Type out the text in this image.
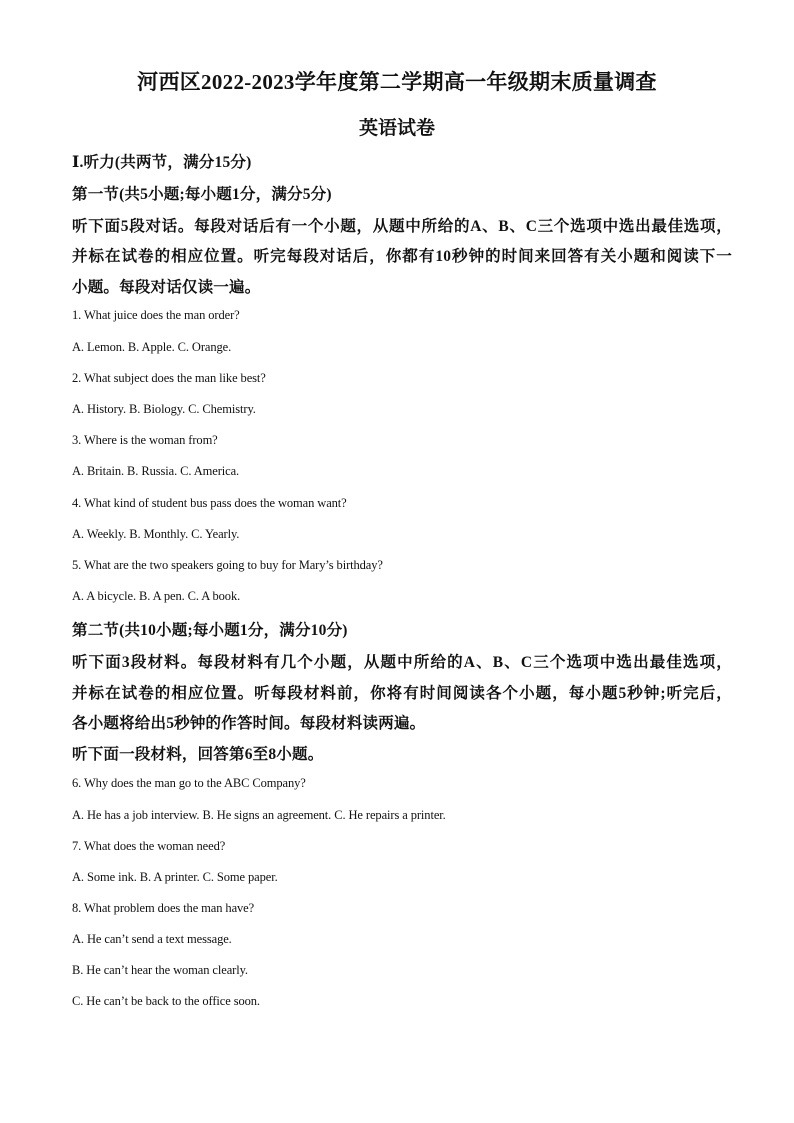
河西区2022-2023学年度第二学期高一年级期末质量调查
英语试卷
Ⅰ.听力(共两节，满分15分)
第一节(共5小题;每小题1分，满分5分)
听下面5段对话。每段对话后有一个小题，从题中所给的A、B、C三个选项中选出最佳选项，
并标在试卷的相应位置。听完每段对话后，你都有10秒钟的时间来回答有关小题和阅读下一
小题。每段对话仅读一遍。
1. What juice does the man order?
A. Lemon. B. Apple. C. Orange.
2. What subject does the man like best?
A. History. B. Biology. C. Chemistry.
3. Where is the woman from?
A. Britain. B. Russia. C. America.
4. What kind of student bus pass does the woman want?
A. Weekly. B. Monthly. C. Yearly.
5. What are the two speakers going to buy for Mary’s birthday?
A. A bicycle. B. A pen. C. A book.
第二节(共10小题;每小题1分，满分10分)
听下面3段材料。每段材料有几个小题，从题中所给的A、B、C三个选项中选出最佳选项，
并标在试卷的相应位置。听每段材料前，你将有时间阅读各个小题，每小题5秒钟;听完后，
各小题将给出5秒钟的作答时间。每段材料读两遍。
听下面一段材料，回答第6至8小题。
6. Why does the man go to the ABC Company?
A. He has a job interview. B. He signs an agreement. C. He repairs a printer.
7. What does the woman need?
A. Some ink. B. A printer. C. Some paper.
8. What problem does the man have?
A. He can’t send a text message.
B. He can’t hear the woman clearly.
C. He can’t be back to the office soon.
